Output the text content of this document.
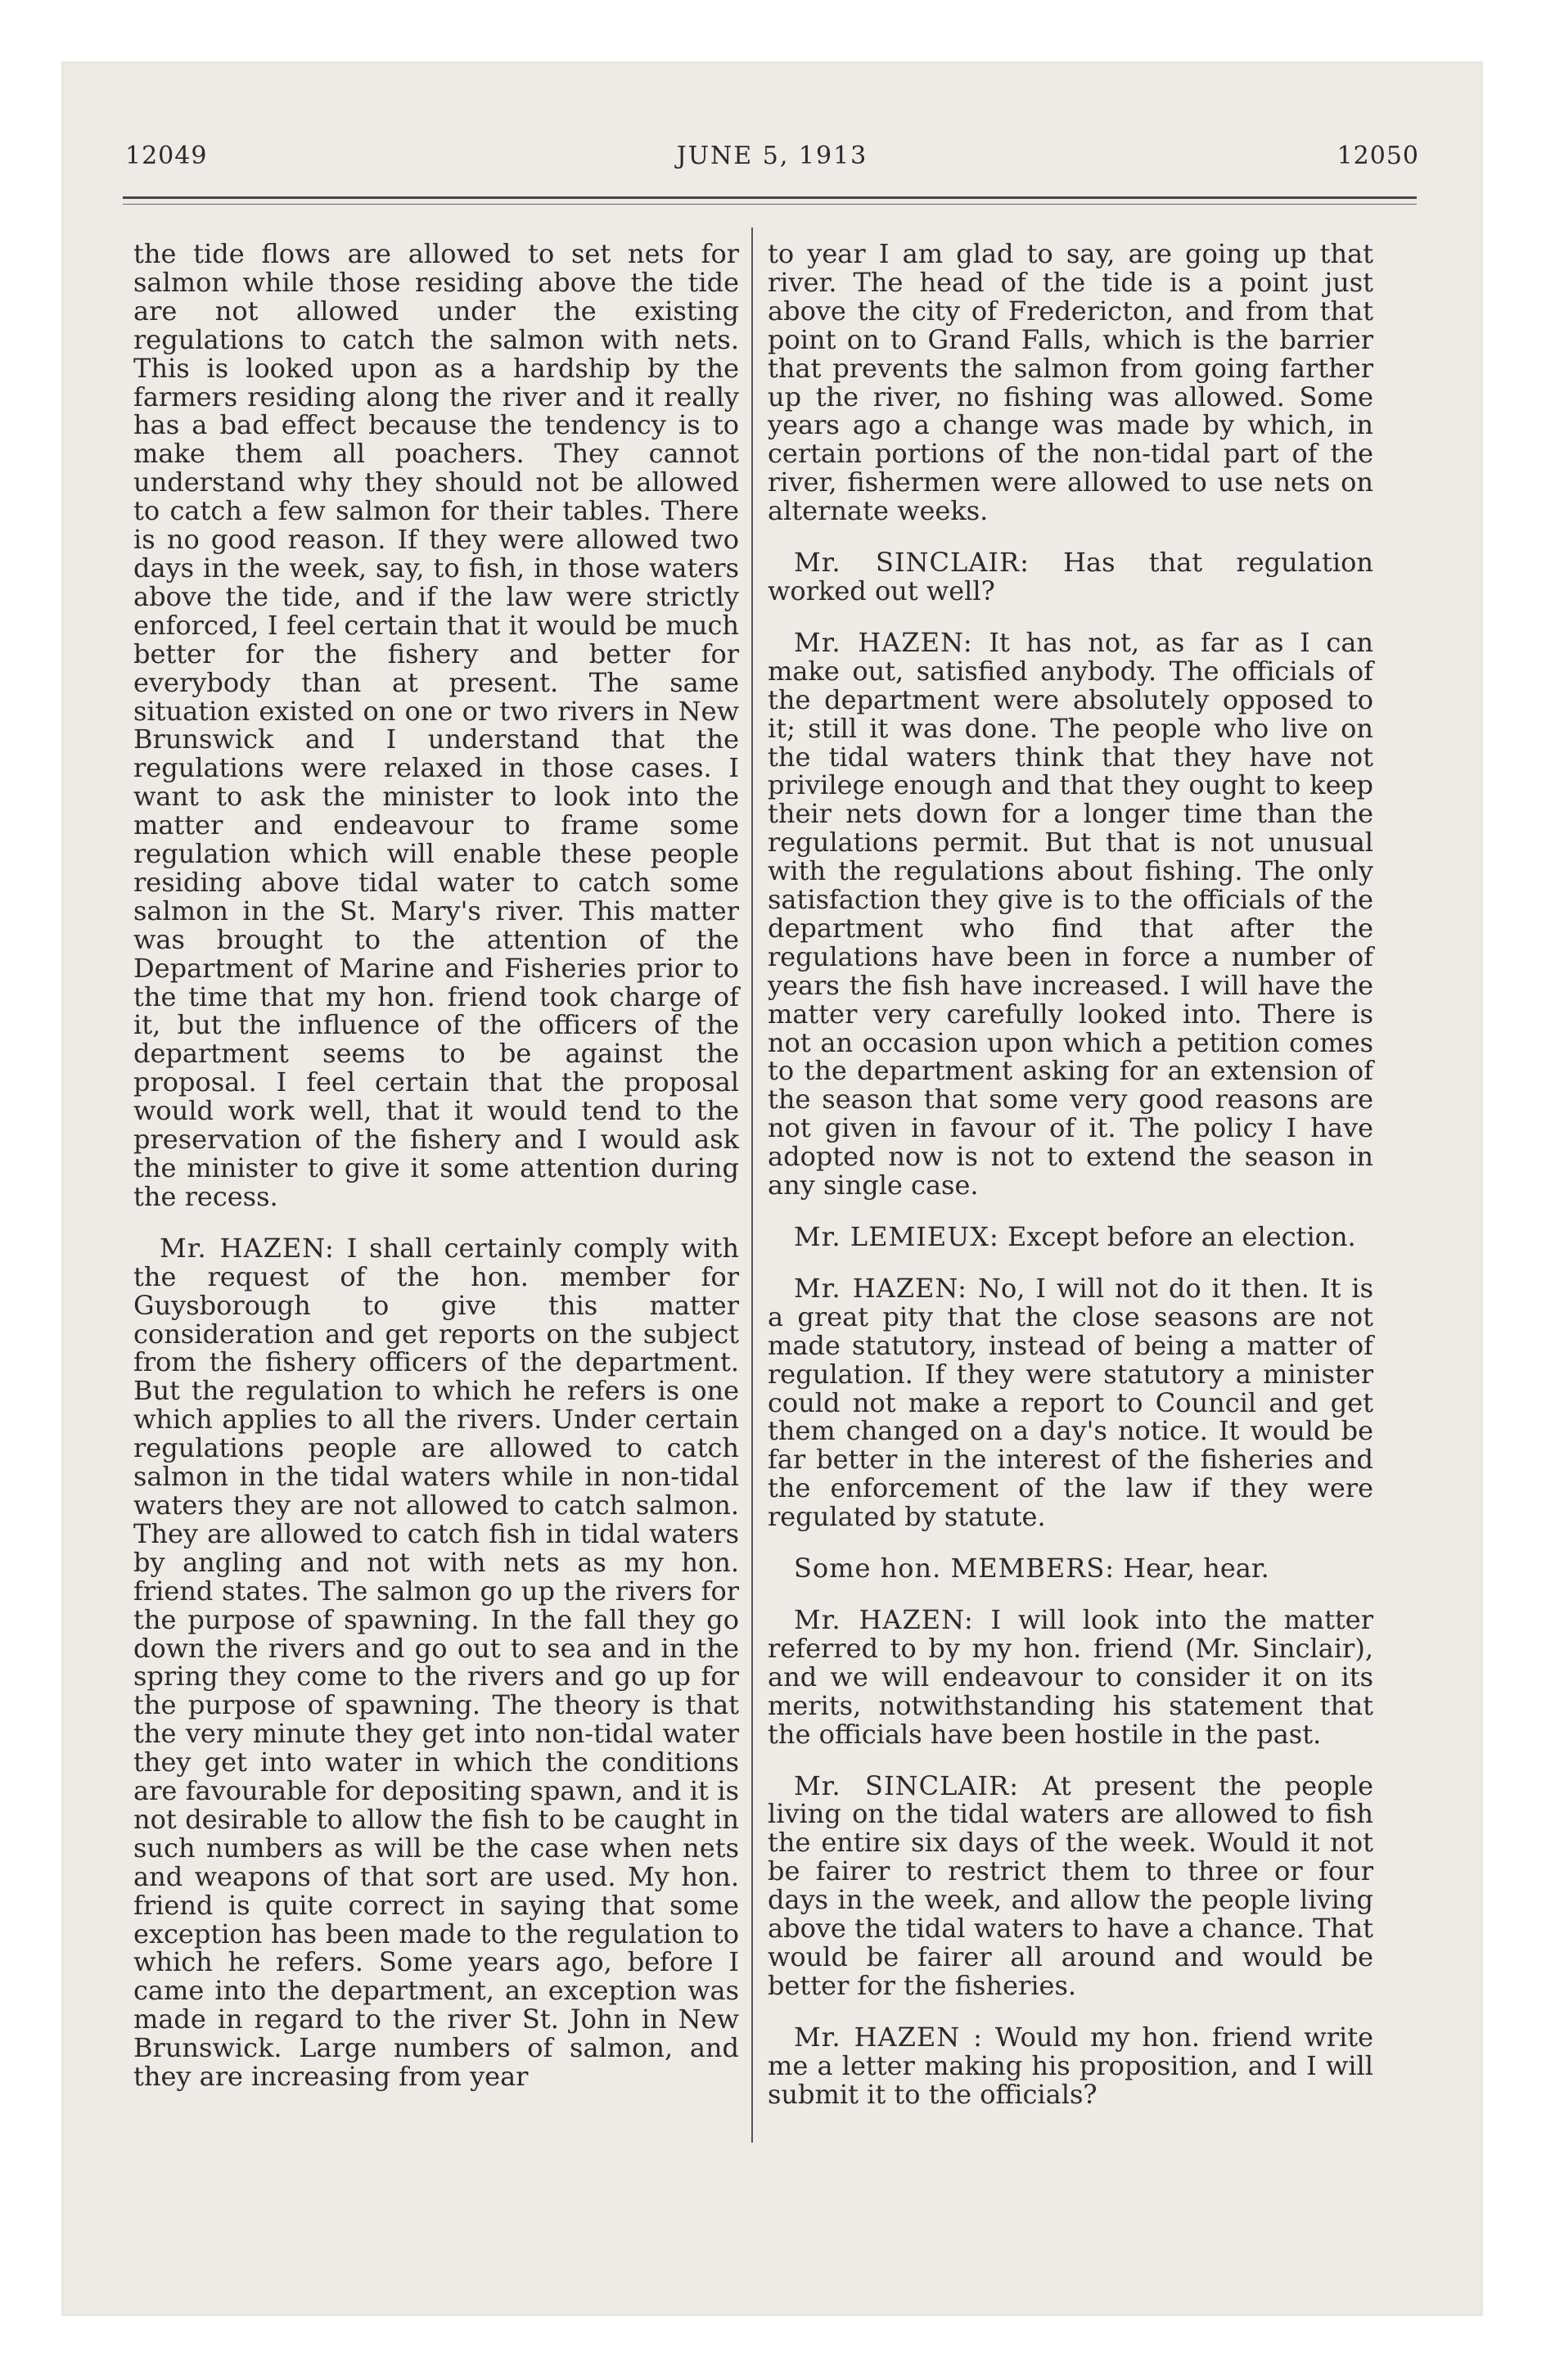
12049	JUNE 5, 1913	12050

the tide flows are allowed to set nets for salmon while those residing above the tide are not allowed under the existing regulations to catch the salmon with nets. This is looked upon as a hardship by the farmers residing along the river and it really has a bad effect because the tendency is to make them all poachers. They cannot understand why they should not be allowed to catch a few salmon for their tables. There is no good reason. If they were allowed two days in the week, say, to fish, in those waters above the tide, and if the law were strictly enforced, I feel certain that it would be much better for the fishery and better for everybody than at present. The same situation existed on one or two rivers in New Brunswick and I understand that the regulations were relaxed in those cases. I want to ask the minister to look into the matter and endeavour to frame some regulation which will enable these people residing above tidal water to catch some salmon in the St. Mary's river. This matter was brought to the attention of the Department of Marine and Fisheries prior to the time that my hon. friend took charge of it, but the influence of the officers of the department seems to be against the proposal. I feel certain that the proposal would work well, that it would tend to the preservation of the fishery and I would ask the minister to give it some attention during the recess.

 Mr. HAZEN: I shall certainly comply with the request of the hon. member for Guysborough to give this matter consideration and get reports on the subject from the fishery officers of the department. But the regulation to which he refers is one which applies to all the rivers. Under certain regulations people are allowed to catch salmon in the tidal waters while in non-tidal waters they are not allowed to catch salmon. They are allowed to catch fish in tidal waters by angling and not with nets as my hon. friend states. The salmon go up the rivers for the purpose of spawning. In the fall they go down the rivers and go out to sea and in the spring they come to the rivers and go up for the purpose of spawning. The theory is that the very minute they get into non-tidal water they get into water in which the conditions are favourable for depositing spawn, and it is not desirable to allow the fish to be caught in such numbers as will be the case when nets and weapons of that sort are used. My hon. friend is quite correct in saying that some exception has been made to the regulation to which he refers. Some years ago, before I came into the department, an exception was made in regard to the river St. John in New Brunswick. Large numbers of salmon, and they are increasing from year

to year I am glad to say, are going up that river. The head of the tide is a point just above the city of Fredericton, and from that point on to Grand Falls, which is the barrier that prevents the salmon from going farther up the river, no fishing was allowed. Some years ago a change was made by which, in certain portions of the non-tidal part of the river, fishermen were allowed to use nets on alternate weeks.

 Mr. SINCLAIR: Has that regulation worked out well?

 Mr. HAZEN: It has not, as far as I can make out, satisfied anybody. The officials of the department were absolutely opposed to it; still it was done. The people who live on the tidal waters think that they have not privilege enough and that they ought to keep their nets down for a longer time than the regulations permit. But that is not unusual with the regulations about fishing. The only satisfaction they give is to the officials of the department who find that after the regulations have been in force a number of years the fish have increased. I will have the matter very carefully looked into. There is not an occasion upon which a petition comes to the department asking for an extension of the season that some very good reasons are not given in favour of it. The policy I have adopted now is not to extend the season in any single case.

 Mr. LEMIEUX: Except before an election.

 Mr. HAZEN: No, I will not do it then. It is a great pity that the close seasons are not made statutory, instead of being a matter of regulation. If they were statutory a minister could not make a report to Council and get them changed on a day's notice. It would be far better in the interest of the fisheries and the enforcement of the law if they were regulated by statute.

 Some hon. MEMBERS: Hear, hear.

 Mr. HAZEN: I will look into the matter referred to by my hon. friend (Mr. Sinclair), and we will endeavour to consider it on its merits, notwithstanding his statement that the officials have been hostile in the past.

 Mr. SINCLAIR: At present the people living on the tidal waters are allowed to fish the entire six days of the week. Would it not be fairer to restrict them to three or four days in the week, and allow the people living above the tidal waters to have a chance. That would be fairer all around and would be better for the fisheries.

 Mr. HAZEN : Would my hon. friend write me a letter making his proposition, and I will submit it to the officials?
